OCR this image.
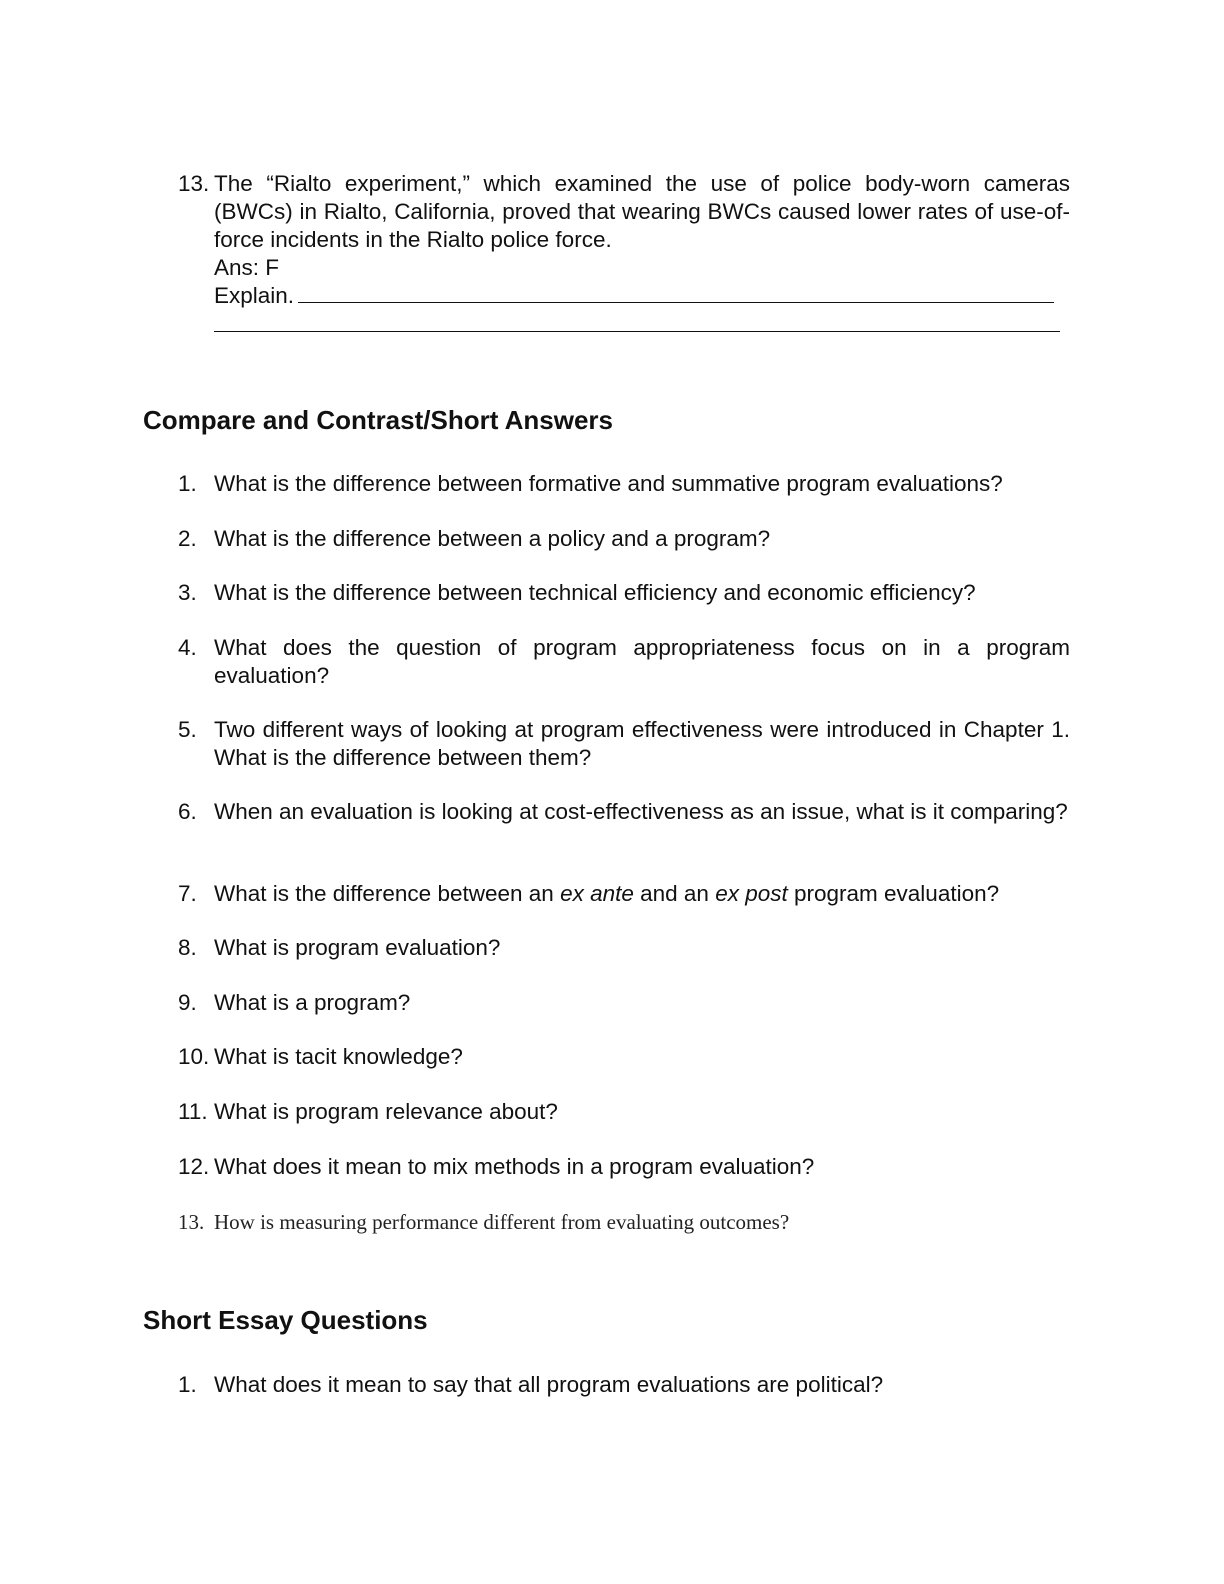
13. The “Rialto experiment,” which examined the use of police body-worn cameras (BWCs) in Rialto, California, proved that wearing BWCs caused lower rates of use-of-force incidents in the Rialto police force.
Ans: F
Explain.
Compare and Contrast/Short Answers
1. What is the difference between formative and summative program evaluations?
2. What is the difference between a policy and a program?
3. What is the difference between technical efficiency and economic efficiency?
4. What does the question of program appropriateness focus on in a program evaluation?
5. Two different ways of looking at program effectiveness were introduced in Chapter 1. What is the difference between them?
6. When an evaluation is looking at cost-effectiveness as an issue, what is it comparing?
7. What is the difference between an ex ante and an ex post program evaluation?
8. What is program evaluation?
9. What is a program?
10. What is tacit knowledge?
11. What is program relevance about?
12. What does it mean to mix methods in a program evaluation?
13. How is measuring performance different from evaluating outcomes?
Short Essay Questions
1. What does it mean to say that all program evaluations are political?
